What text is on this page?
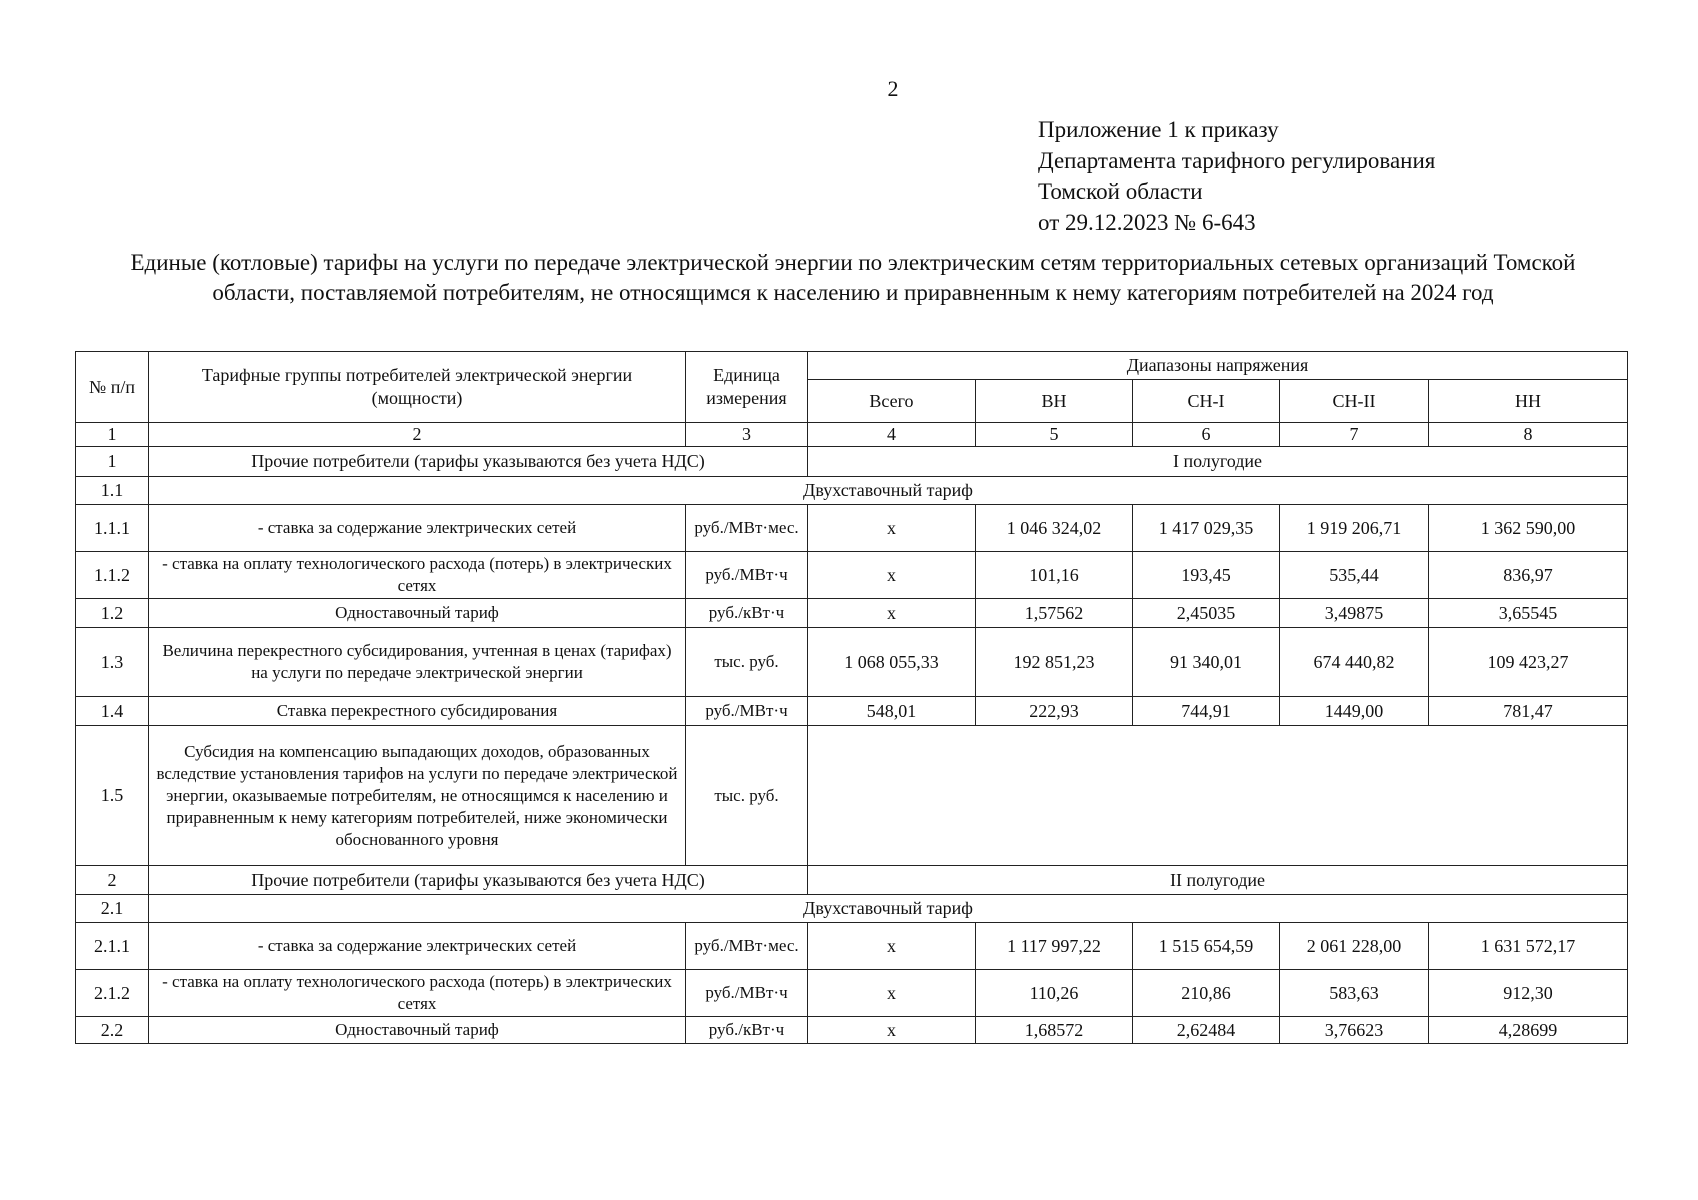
2
Приложение 1 к приказу
Департамента тарифного регулирования
Томской области
от 29.12.2023 № 6-643
Единые (котловые) тарифы на услуги по передаче электрической энергии по электрическим сетям территориальных сетевых организаций Томской области, поставляемой потребителям, не относящимся к населению и приравненным к нему категориям потребителей на 2024 год
№ п/п	Тарифные группы потребителей электрической энергии (мощности)	Единица измерения	Диапазоны напряжения				
			Всего	ВН	СН-I	СН-II	НН
1	2	3	4	5	6	7	8
1	Прочие потребители (тарифы указываются без учета НДС)		I полугодие				
1.1	Двухставочный тариф						
1.1.1	- ставка за содержание электрических сетей	руб./МВт·мес.	х	1 046 324,02	1 417 029,35	1 919 206,71	1 362 590,00
1.1.2	- ставка на оплату технологического расхода (потерь) в электрических сетях	руб./МВт·ч	х	101,16	193,45	535,44	836,97
1.2	Одноставочный тариф	руб./кВт·ч	х	1,57562	2,45035	3,49875	3,65545
1.3	Величина перекрестного субсидирования, учтенная в ценах (тарифах) на услуги по передаче электрической энергии	тыс. руб.	1 068 055,33	192 851,23	91 340,01	674 440,82	109 423,27
1.4	Ставка перекрестного субсидирования	руб./МВт·ч	548,01	222,93	744,91	1449,00	781,47
1.5	Субсидия на компенсацию выпадающих доходов, образованных вследствие установления тарифов на услуги по передаче электрической энергии, оказываемые потребителям, не относящимся к населению и приравненным к нему категориям потребителей, ниже экономически обоснованного уровня	тыс. руб.					
2	Прочие потребители (тарифы указываются без учета НДС)		II полугодие				
2.1	Двухставочный тариф						
2.1.1	- ставка за содержание электрических сетей	руб./МВт·мес.	х	1 117 997,22	1 515 654,59	2 061 228,00	1 631 572,17
2.1.2	- ставка на оплату технологического расхода (потерь) в электрических сетях	руб./МВт·ч	х	110,26	210,86	583,63	912,30
2.2	Одноставочный тариф	руб./кВт·ч	х	1,68572	2,62484	3,76623	4,28699
